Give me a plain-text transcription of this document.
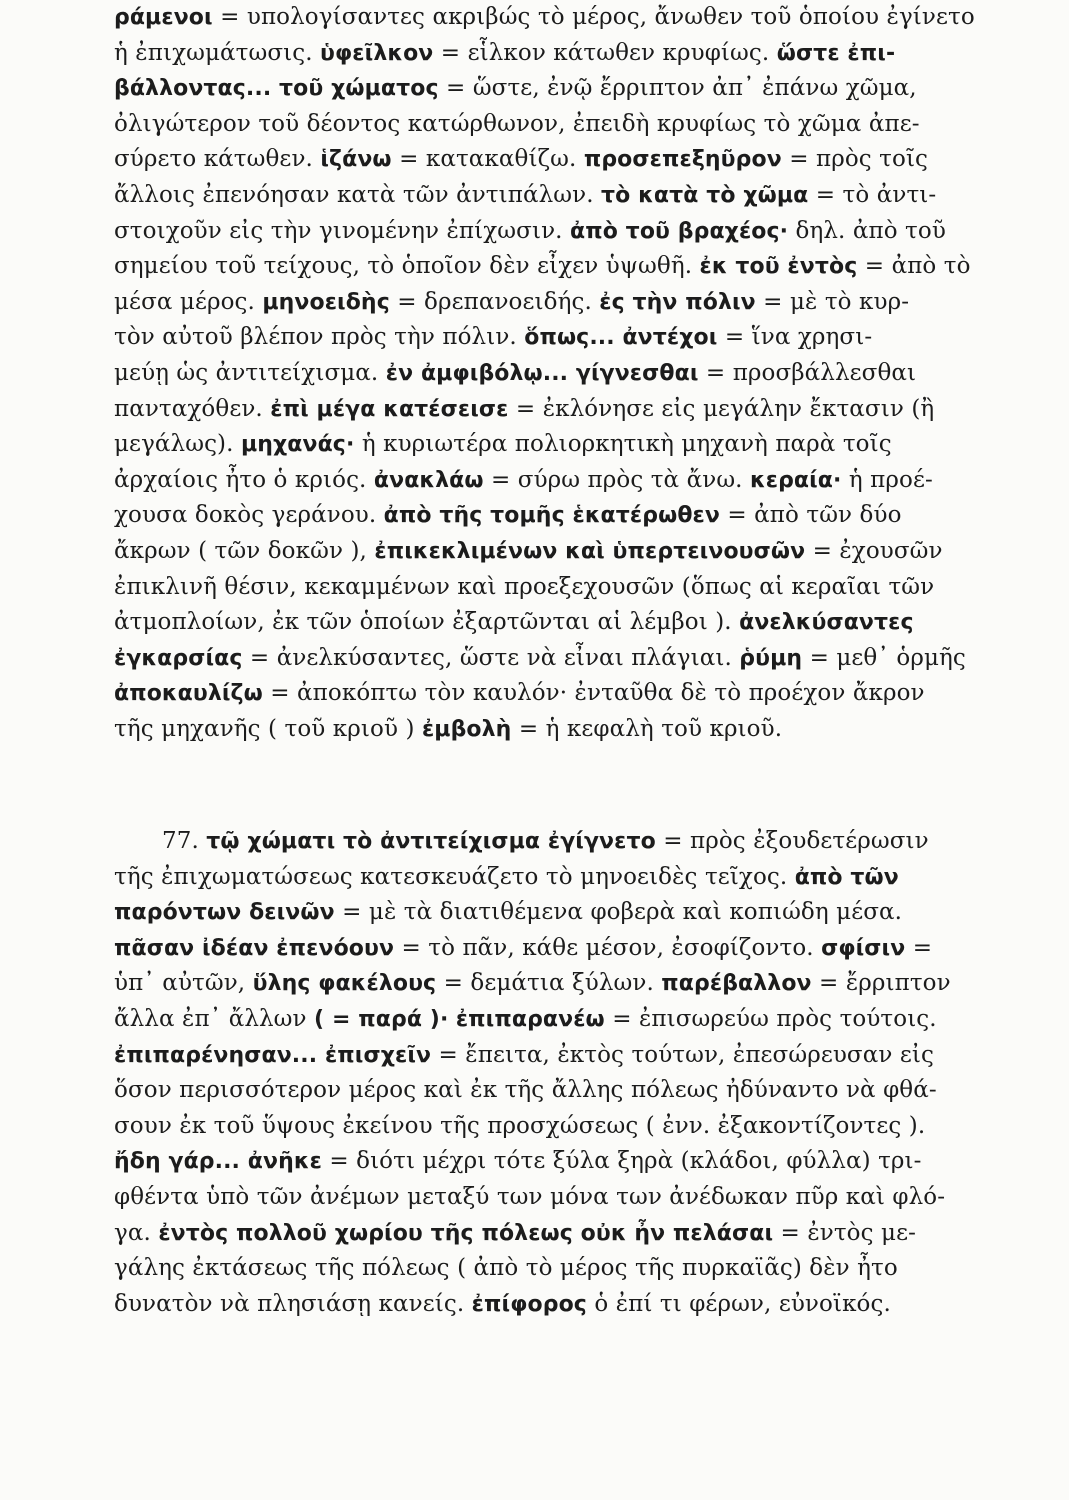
ράμενοι = υπολογίσαντες ακριβώς τὸ μέρος, ἄνωθεν τοῦ ὁποίου ἐγίνετο
ἡ ἐπιχωμάτωσις. ὑφεῖλκον = εἷλκον κάτωθεν κρυφίως. ὥστε ἐπι-
βάλλοντας... τοῦ χώματος = ὥστε, ἐνῷ ἔρριπτον ἀπ᾽ ἐπάνω χῶμα,
ὀλιγώτερον τοῦ δέοντος κατώρθωνον, ἐπειδὴ κρυφίως τὸ χῶμα ἀπε-
σύρετο κάτωθεν. ἱζάνω = κατακαθίζω. προσεπεξηῦρον = πρὸς τοῖς
ἄλλοις ἐπενόησαν κατὰ τῶν ἀντιπάλων. τὸ κατὰ τὸ χῶμα = τὸ ἀντι-
στοιχοῦν εἰς τὴν γινομένην ἐπίχωσιν. ἀπὸ τοῦ βραχέος· δηλ. ἀπὸ τοῦ
σημείου τοῦ τείχους, τὸ ὁποῖον δὲν εἶχεν ὑψωθῆ. ἐκ τοῦ ἐντὸς = ἀπὸ τὸ
μέσα μέρος. μηνοειδὴς = δρεπανοειδής. ἐς τὴν πόλιν = μὲ τὸ κυρ-
τὸν αὐτοῦ βλέπον πρὸς τὴν πόλιν. ὅπως... ἀντέχοι = ἵνα χρησι-
μεύῃ ὡς ἀντιτείχισμα. ἐν ἀμφιβόλῳ... γίγνεσθαι = προσβάλλεσθαι
πανταχόθεν. ἐπὶ μέγα κατέσεισε = ἐκλόνησε εἰς μεγάλην ἔκτασιν (ἢ
μεγάλως). μηχανάς· ἡ κυριωτέρα πολιορκητικὴ μηχανὴ παρὰ τοῖς
ἀρχαίοις ἦτο ὁ κριός. ἀνακλάω = σύρω πρὸς τὰ ἄνω. κεραία· ἡ προέ-
χουσα δοκὸς γεράνου. ἀπὸ τῆς τομῆς ἑκατέρωθεν = ἀπὸ τῶν δύο
ἄκρων ( τῶν δοκῶν ), ἐπικεκλιμένων καὶ ὑπερτεινουσῶν = ἐχουσῶν
ἐπικλινῆ θέσιν, κεκαμμένων καὶ προεξεχουσῶν (ὅπως αἱ κεραῖαι τῶν
ἀτμοπλοίων, ἐκ τῶν ὁποίων ἐξαρτῶνται αἱ λέμβοι ). ἀνελκύσαντες
ἐγκαρσίας = ἀνελκύσαντες, ὥστε νὰ εἶναι πλάγιαι. ῥύμη = μεθ᾽ ὁρμῆς
ἀποκαυλίζω = ἀποκόπτω τὸν καυλόν· ἐνταῦθα δὲ τὸ προέχον ἄκρον
τῆς μηχανῆς ( τοῦ κριοῦ ) ἐμβολὴ = ἡ κεφαλὴ τοῦ κριοῦ.
77. τῷ χώματι τὸ ἀντιτείχισμα ἐγίγνετο = πρὸς ἐξουδετέρωσιν
τῆς ἐπιχωματώσεως κατεσκευάζετο τὸ μηνοειδὲς τεῖχος. ἀπὸ τῶν
παρόντων δεινῶν = μὲ τὰ διατιθέμενα φοβερὰ καὶ κοπιώδη μέσα.
πᾶσαν ἰδέαν ἐπενόουν = τὸ πᾶν, κάθε μέσον, ἐσοφίζοντο. σφίσιν =
ὑπ᾽ αὐτῶν, ὕλης φακέλους = δεμάτια ξύλων. παρέβαλλον = ἔρριπτον
ἄλλα ἐπ᾽ ἄλλων ( = παρά )· ἐπιπαρανέω = ἐπισωρεύω πρὸς τούτοις.
ἐπιπαρένησαν... ἐπισχεῖν = ἔπειτα, ἐκτὸς τούτων, ἐπεσώρευσαν εἰς
ὅσον περισσότερον μέρος καὶ ἐκ τῆς ἄλλης πόλεως ἠδύναντο νὰ φθά-
σουν ἐκ τοῦ ὕψους ἐκείνου τῆς προσχώσεως ( ἐνν. ἐξακοντίζοντες ).
ἤδη γάρ... ἀνῆκε = διότι μέχρι τότε ξύλα ξηρὰ (κλάδοι, φύλλα) τρι-
φθέντα ὑπὸ τῶν ἀνέμων μεταξύ των μόνα των ἀνέδωκαν πῦρ καὶ φλό-
γα. ἐντὸς πολλοῦ χωρίου τῆς πόλεως οὐκ ἦν πελάσαι = ἐντὸς με-
γάλης ἐκτάσεως τῆς πόλεως ( ἀπὸ τὸ μέρος τῆς πυρκαϊᾶς) δὲν ἦτο
δυνατὸν νὰ πλησιάσῃ κανείς. ἐπίφορος ὁ ἐπί τι φέρων, εὐνοϊκός.
